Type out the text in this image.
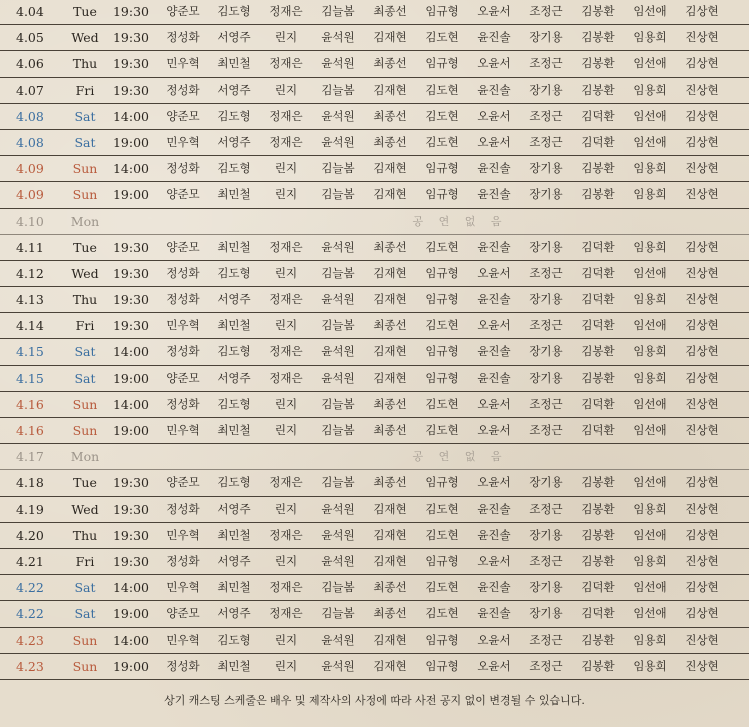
4.04	Tue	19:30	양준모	김도형	정재은	김늘봄	최종선	임규형	오윤서	조정근	김봉환	임선애	김상현
4.05	Wed	19:30	정성화	서영주	린지	윤석원	김재현	김도현	윤진솔	장기용	김봉환	임용희	진상현
4.06	Thu	19:30	민우혁	최민철	정재은	윤석원	최종선	임규형	오윤서	조정근	김봉환	임선애	김상현
4.07	Fri	19:30	정성화	서영주	린지	김늘봄	김재현	김도현	윤진솔	장기용	김봉환	임용희	진상현
4.08	Sat	14:00	양준모	김도형	정재은	윤석원	최종선	김도현	오윤서	조정근	김덕환	임선애	김상현
4.08	Sat	19:00	민우혁	서영주	정재은	윤석원	최종선	김도현	오윤서	조정근	김덕환	임선애	김상현
4.09	Sun	14:00	정성화	김도형	린지	김늘봄	김재현	임규형	윤진솔	장기용	김봉환	임용희	진상현
4.09	Sun	19:00	양준모	최민철	린지	김늘봄	김재현	임규형	윤진솔	장기용	김봉환	임용희	진상현
4.10	Mon	공 연 없 음
4.11	Tue	19:30	양준모	최민철	정재은	윤석원	최종선	김도현	윤진솔	장기용	김덕환	임용희	김상현
4.12	Wed	19:30	정성화	김도형	린지	김늘봄	김재현	임규형	오윤서	조정근	김덕환	임선애	진상현
4.13	Thu	19:30	정성화	서영주	정재은	윤석원	김재현	임규형	윤진솔	장기용	김덕환	임용희	진상현
4.14	Fri	19:30	민우혁	최민철	린지	김늘봄	최종선	김도현	오윤서	조정근	김덕환	임선애	김상현
4.15	Sat	14:00	정성화	김도형	정재은	윤석원	김재현	임규형	윤진솔	장기용	김봉환	임용희	김상현
4.15	Sat	19:00	양준모	서영주	정재은	윤석원	김재현	임규형	윤진솔	장기용	김봉환	임용희	김상현
4.16	Sun	14:00	정성화	김도형	린지	김늘봄	최종선	김도현	오윤서	조정근	김덕환	임선애	진상현
4.16	Sun	19:00	민우혁	최민철	린지	김늘봄	최종선	김도현	오윤서	조정근	김덕환	임선애	진상현
4.17	Mon	공 연 없 음
4.18	Tue	19:30	양준모	김도형	정재은	김늘봄	최종선	임규형	오윤서	장기용	김봉환	임선애	김상현
4.19	Wed	19:30	정성화	서영주	린지	윤석원	김재현	김도현	윤진솔	조정근	김봉환	임용희	진상현
4.20	Thu	19:30	민우혁	최민철	정재은	윤석원	김재현	김도현	윤진솔	장기용	김봉환	임선애	김상현
4.21	Fri	19:30	정성화	서영주	린지	윤석원	김재현	임규형	오윤서	조정근	김봉환	임용희	진상현
4.22	Sat	14:00	민우혁	최민철	정재은	김늘봄	최종선	김도현	윤진솔	장기용	김덕환	임선애	김상현
4.22	Sat	19:00	양준모	서영주	정재은	김늘봄	최종선	김도현	윤진솔	장기용	김덕환	임선애	김상현
4.23	Sun	14:00	민우혁	김도형	린지	윤석원	김재현	임규형	오윤서	조정근	김봉환	임용희	진상현
4.23	Sun	19:00	정성화	최민철	린지	윤석원	김재현	임규형	오윤서	조정근	김봉환	임용희	진상현
상기 캐스팅 스케줄은 배우 및 제작사의 사정에 따라 사전 공지 없이 변경될 수 있습니다.
